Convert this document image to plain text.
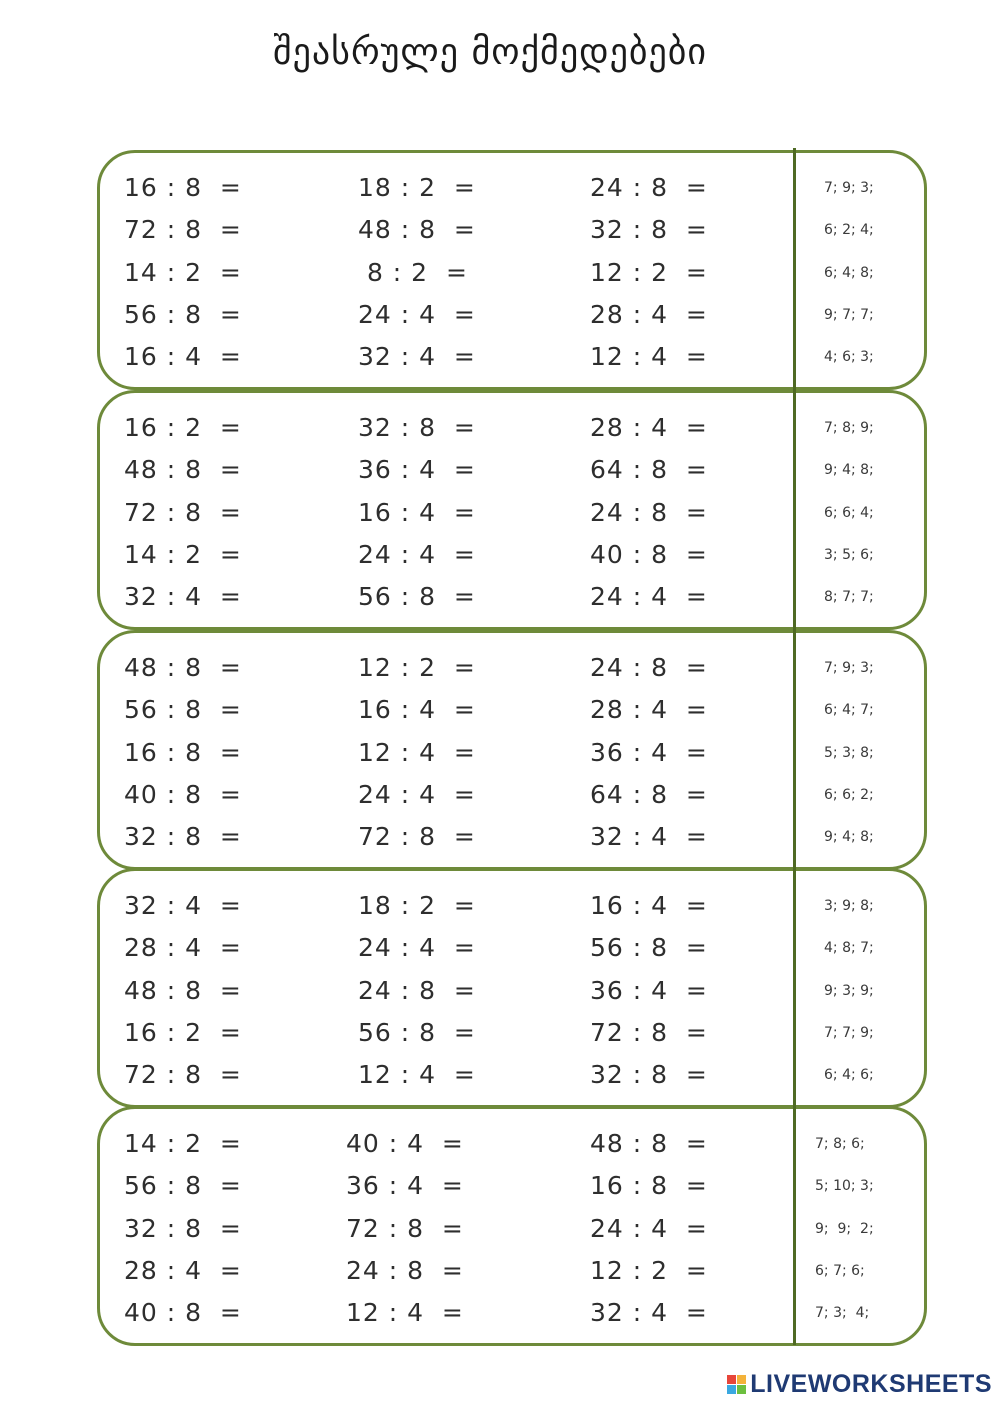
შეასრულე მოქმედებები
16 : 8  =	18 : 2  =	24 : 8  =	7; 9; 3;
72 : 8  =	48 : 8  =	32 : 8  =	6; 2; 4;
14 : 2  =	8 : 2  =	12 : 2  =	6; 4; 8;
56 : 8  =	24 : 4  =	28 : 4  =	9; 7; 7;
16 : 4  =	32 : 4  =	12 : 4  =	4; 6; 3;
16 : 2  =	32 : 8  =	28 : 4  =	7; 8; 9;
48 : 8  =	36 : 4  =	64 : 8  =	9; 4; 8;
72 : 8  =	16 : 4  =	24 : 8  =	6; 6; 4;
14 : 2  =	24 : 4  =	40 : 8  =	3; 5; 6;
32 : 4  =	56 : 8  =	24 : 4  =	8; 7; 7;
48 : 8  =	12 : 2  =	24 : 8  =	7; 9; 3;
56 : 8  =	16 : 4  =	28 : 4  =	6; 4; 7;
16 : 8  =	12 : 4  =	36 : 4  =	5; 3; 8;
40 : 8  =	24 : 4  =	64 : 8  =	6; 6; 2;
32 : 8  =	72 : 8  =	32 : 4  =	9; 4; 8;
32 : 4  =	18 : 2  =	16 : 4  =	3; 9; 8;
28 : 4  =	24 : 4  =	56 : 8  =	4; 8; 7;
48 : 8  =	24 : 8  =	36 : 4  =	9; 3; 9;
16 : 2  =	56 : 8  =	72 : 8  =	7; 7; 9;
72 : 8  =	12 : 4  =	32 : 8  =	6; 4; 6;
14 : 2  =	40 : 4  =	48 : 8  =	7; 8; 6;
56 : 8  =	36 : 4  =	16 : 8  =	5; 10; 3;
32 : 8  =	72 : 8  =	24 : 4  =	9;  9;  2;
28 : 4  =	24 : 8  =	12 : 2  =	6; 7; 6;
40 : 8  =	12 : 4  =	32 : 4  =	7; 3;  4;
LIVEWORKSHEETS
